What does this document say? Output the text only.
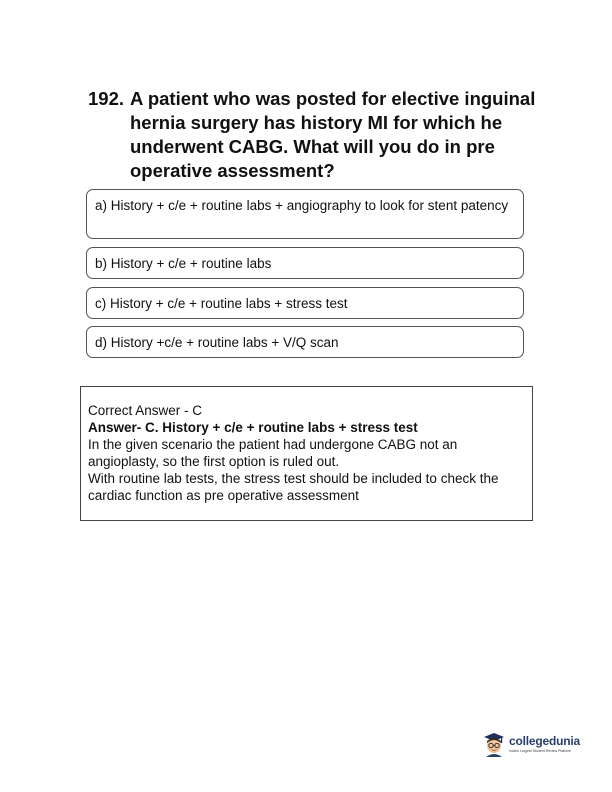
192. A patient who was posted for elective inguinal hernia surgery has history MI for which he underwent CABG. What will you do in pre operative assessment?
a) History + c/e + routine labs + angiography to look for stent patency
b) History + c/e + routine labs
c) History + c/e + routine labs + stress test
d) History +c/e + routine labs + V/Q scan
Correct Answer - C
Answer- C. History + c/e + routine labs + stress test
In the given scenario the patient had undergone CABG not an
angioplasty, so the first option is ruled out.
With routine lab tests, the stress test should be included to check the
cardiac function as pre operative assessment
collegedunia
India's Largest Student Review Platform
